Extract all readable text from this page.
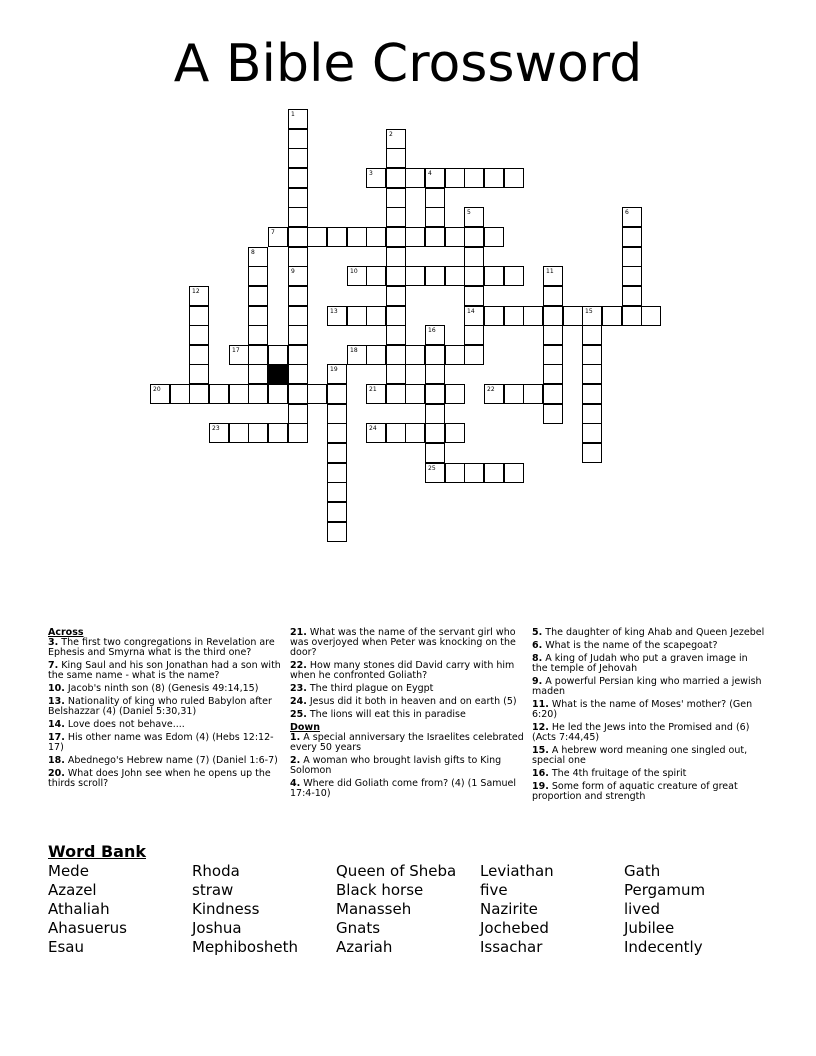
A Bible Crossword
1
2
3	4
5
14
6
7
8
9	10	11
12
13	15
16
25
17	18
19
20	21	22
23	24
Across
3. The first two congregations in Revelation are Ephesis and Smyrna what is the third one?
7. King Saul and his son Jonathan had a son with the same name - what is the name?
10. Jacob's ninth son (8) (Genesis 49:14,15)
13. Nationality of king who ruled Babylon after Belshazzar (4) (Daniel 5:30,31)
14. Love does not behave....
17. His other name was Edom (4) (Hebs 12:12-17)
18. Abednego's Hebrew name (7) (Daniel 1:6-7)
20. What does John see when he opens up the thirds scroll?
21. What was the name of the servant girl who was overjoyed when Peter was knocking on the door?
22. How many stones did David carry with him when he confronted Goliath?
23. The third plague on Eygpt
24. Jesus did it both in heaven and on earth (5)
25. The lions will eat this in paradise
Down
1. A special anniversary the Israelites celebrated every 50 years
2. A woman who brought lavish gifts to King Solomon
4. Where did Goliath come from? (4) (1 Samuel 17:4-10)
5. The daughter of king Ahab and Queen Jezebel
6. What is the name of the scapegoat?
8. A king of Judah who put a graven image in the temple of Jehovah
9. A powerful Persian king who married a jewish maden
11. What is the name of Moses' mother? (Gen 6:20)
12. He led the Jews into the Promised and (6) (Acts 7:44,45)
15. A hebrew word meaning one singled out, special one
16. The 4th fruitage of the spirit
19. Some form of aquatic creature of great proportion and strength
Word Bank
Mede
Azazel
Athaliah
Ahasuerus
Esau
Rhoda
straw
Kindness
Joshua
Mephibosheth
Queen of Sheba
Black horse
Manasseh
Gnats
Azariah
Leviathan
five
Nazirite
Jochebed
Issachar
Gath
Pergamum
lived
Jubilee
Indecently
